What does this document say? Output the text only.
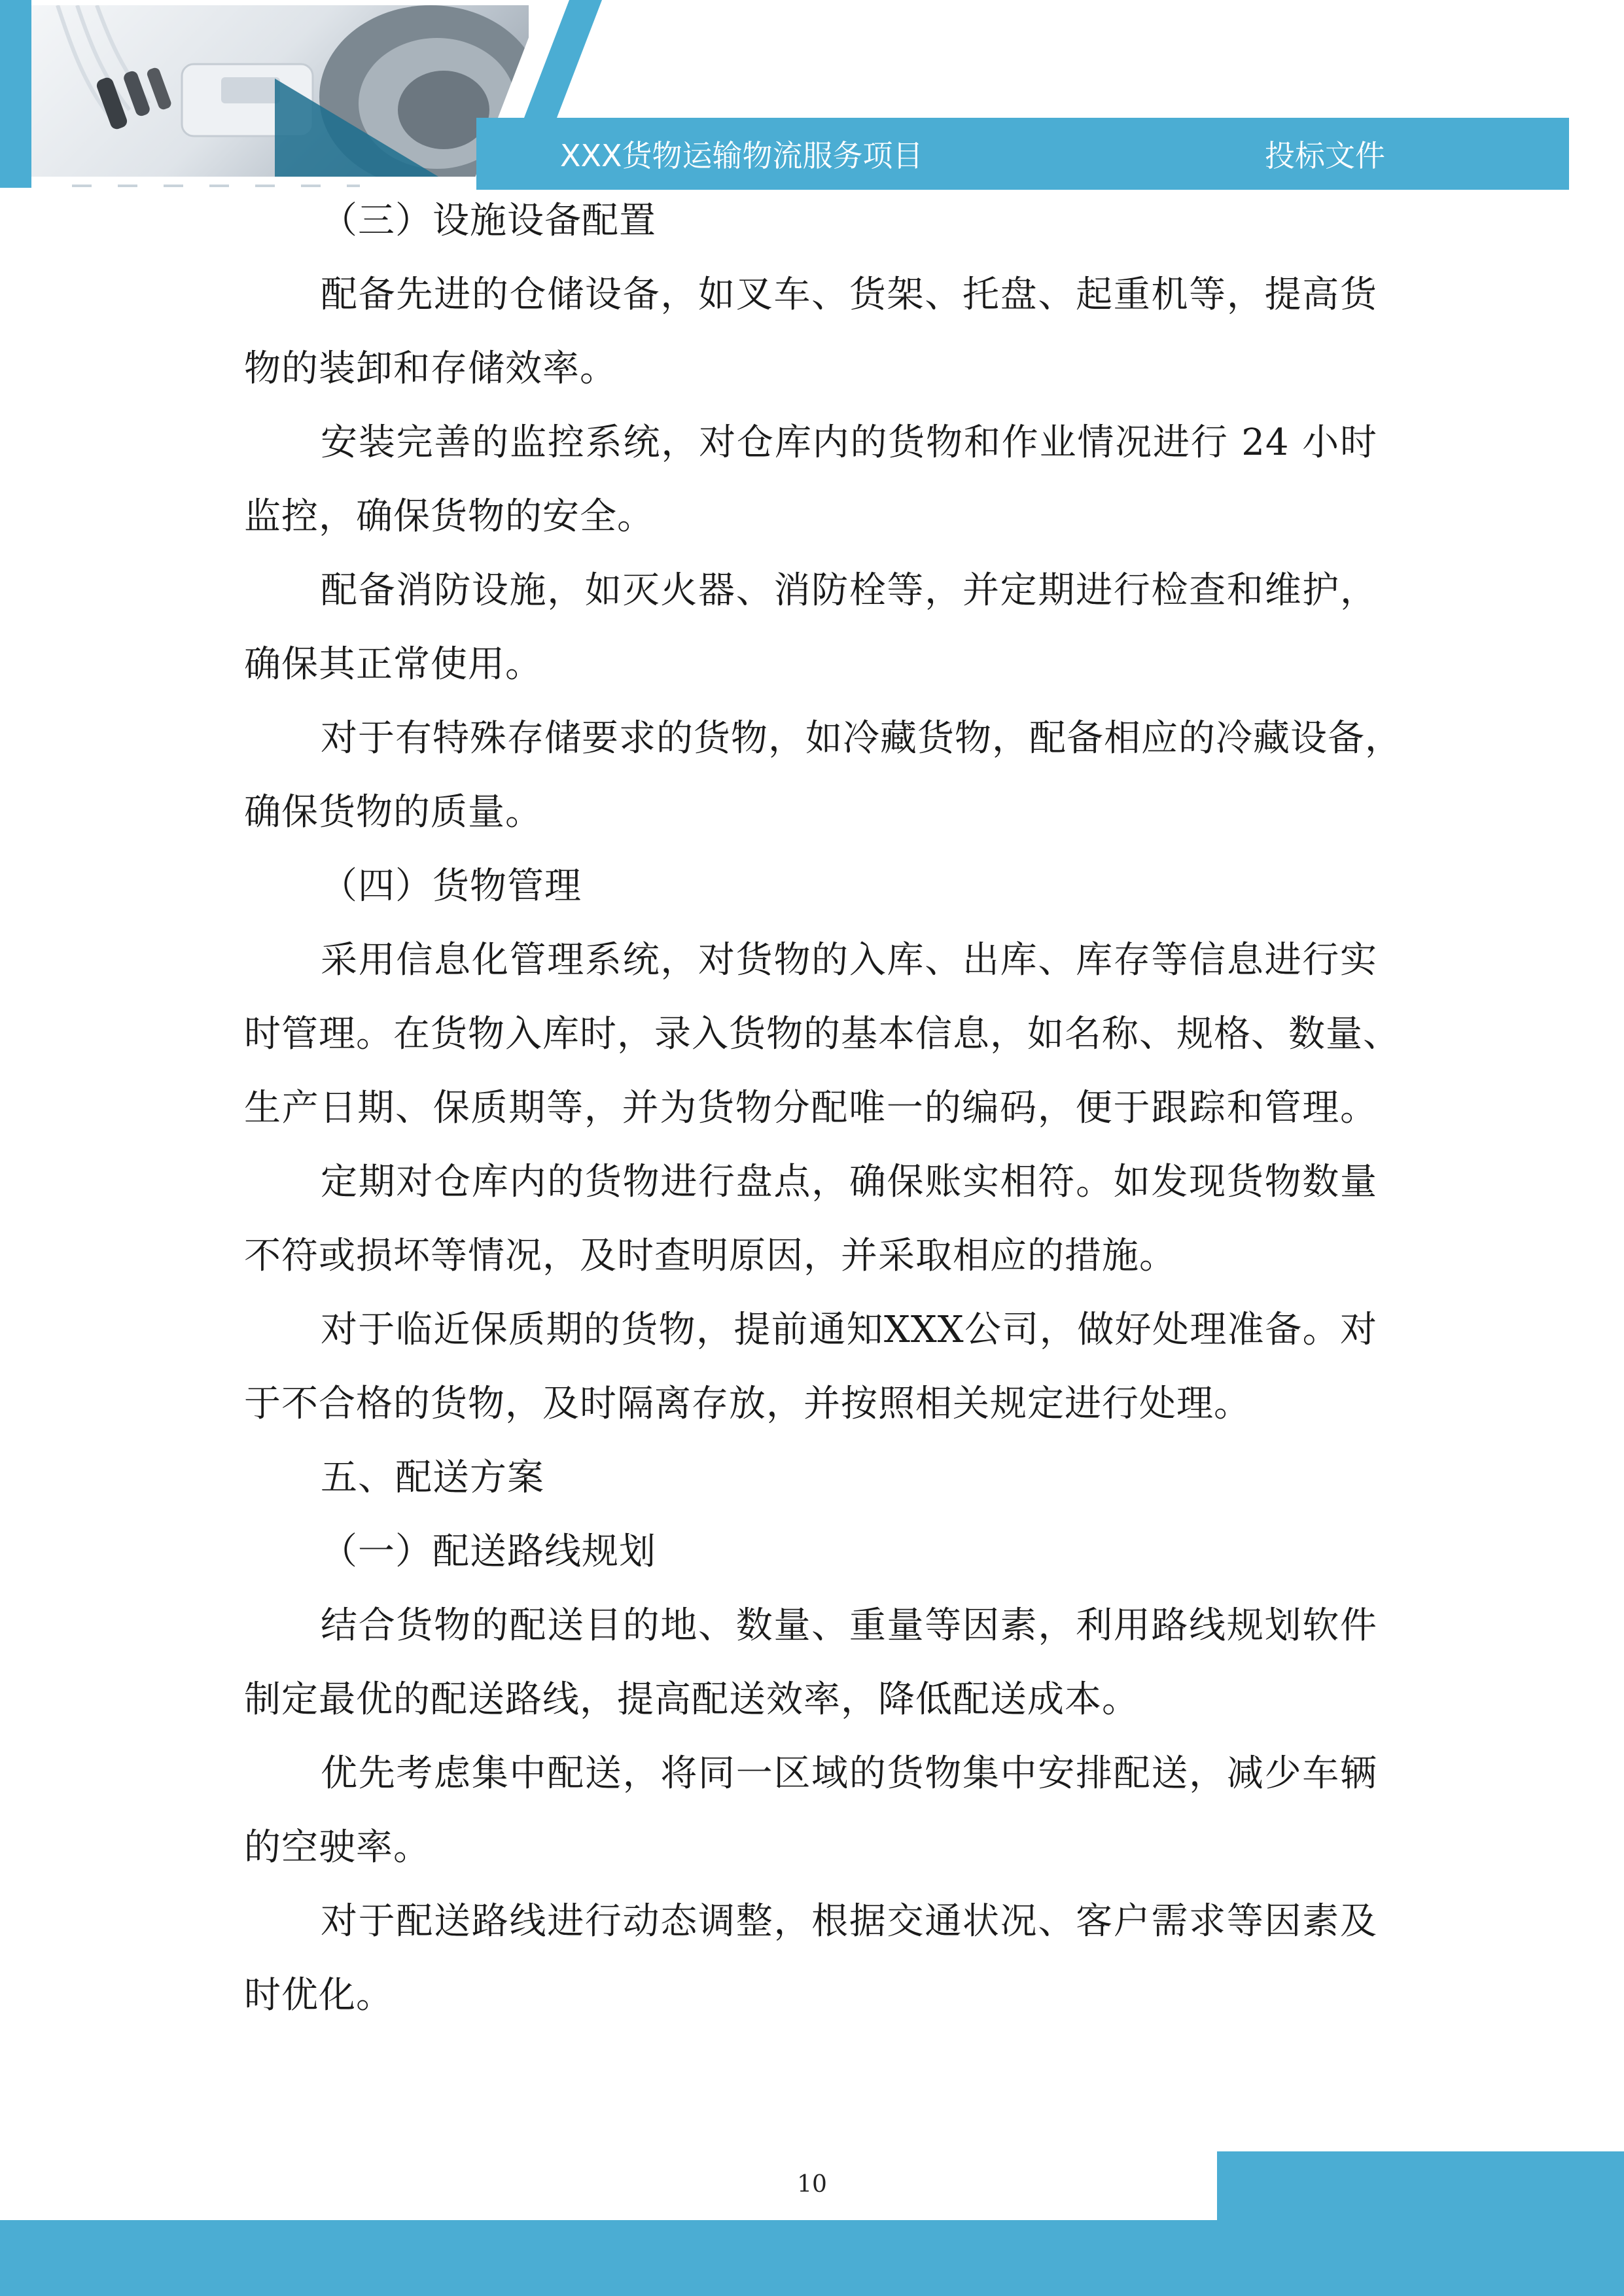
XXX货物运输物流服务项目	投标文件
（三）设施设备配置
配备先进的仓储设备，如叉车、货架、托盘、起重机等，提高货
物的装卸和存储效率。
安装完善的监控系统，对仓库内的货物和作业情况进行 24 小时
监控，确保货物的安全。
配备消防设施，如灭火器、消防栓等，并定期进行检查和维护，
确保其正常使用。
对于有特殊存储要求的货物，如冷藏货物，配备相应的冷藏设备，
确保货物的质量。
（四）货物管理
采用信息化管理系统，对货物的入库、出库、库存等信息进行实
时管理。在货物入库时，录入货物的基本信息，如名称、规格、数量、
生产日期、保质期等，并为货物分配唯一的编码，便于跟踪和管理。
定期对仓库内的货物进行盘点，确保账实相符。如发现货物数量
不符或损坏等情况，及时查明原因，并采取相应的措施。
对于临近保质期的货物，提前通知XXX公司，做好处理准备。对
于不合格的货物，及时隔离存放，并按照相关规定进行处理。
五、配送方案
（一）配送路线规划
结合货物的配送目的地、数量、重量等因素，利用路线规划软件
制定最优的配送路线，提高配送效率，降低配送成本。
优先考虑集中配送，将同一区域的货物集中安排配送，减少车辆
的空驶率。
对于配送路线进行动态调整，根据交通状况、客户需求等因素及
时优化。
10
